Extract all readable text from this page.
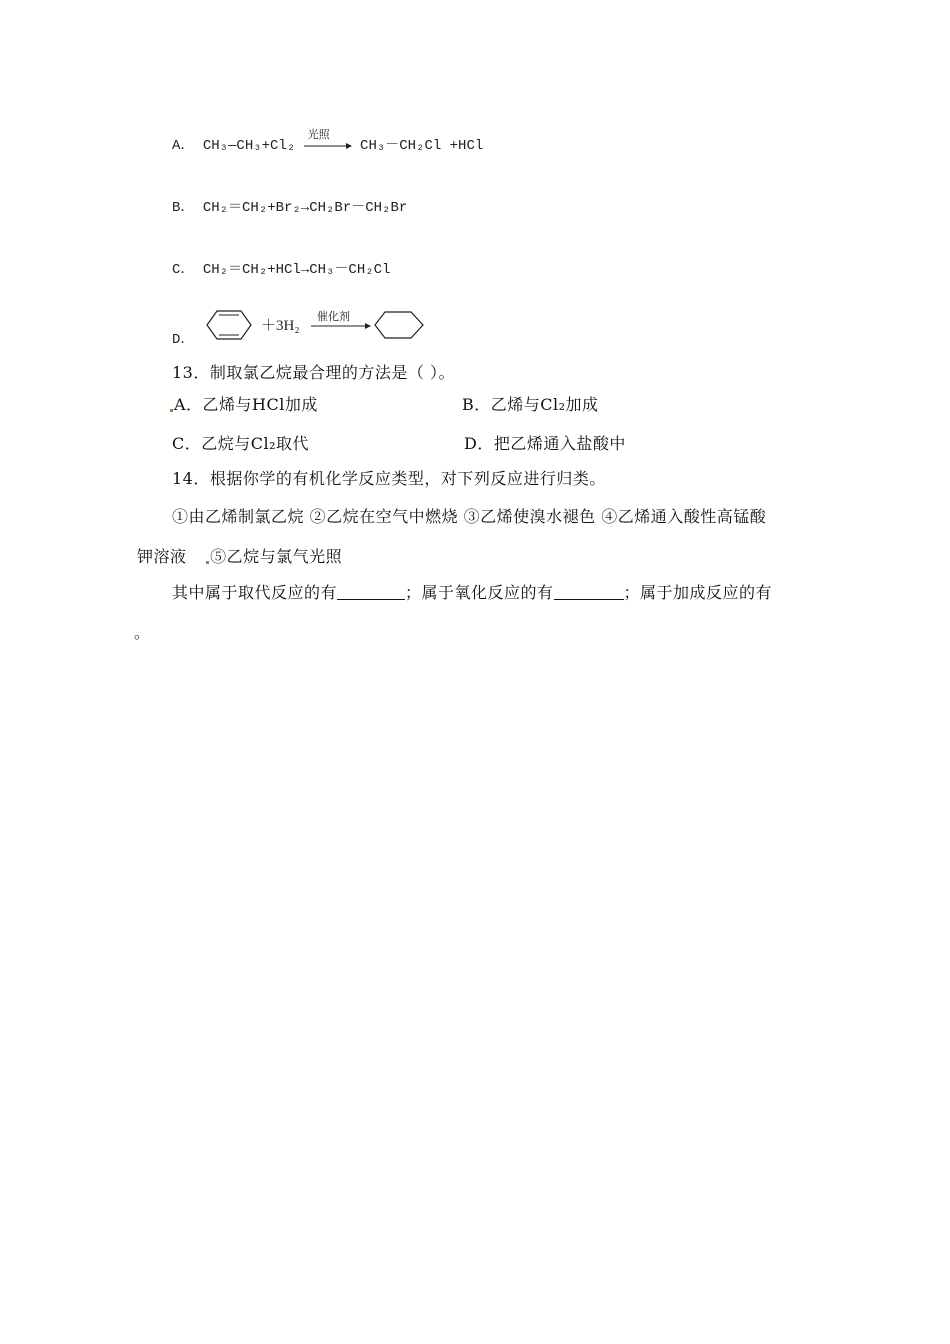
A． CH₃—CH₃+Cl₂
光照
CH₃－CH₂Cl +HCl
B． CH₂＝CH₂+Br₂→CH₂Br－CH₂Br
C． CH₂＝CH₂+HCl→CH₃－CH₂Cl
D．
＋3H₂
催化剂
13．制取氯乙烷最合理的方法是（ ）。
A．乙烯与HCl加成	B．乙烯与Cl₂加成
C．乙烷与Cl₂取代	D．把乙烯通入盐酸中
14．根据你学的有机化学反应类型，对下列反应进行归类。
①由乙烯制氯乙烷 ②乙烷在空气中燃烧 ③乙烯使溴水褪色 ④乙烯通入酸性高锰酸
钾溶液 ⑤乙烷与氯气光照
其中属于取代反应的有	；属于氧化反应的有	；属于加成反应的有
。
